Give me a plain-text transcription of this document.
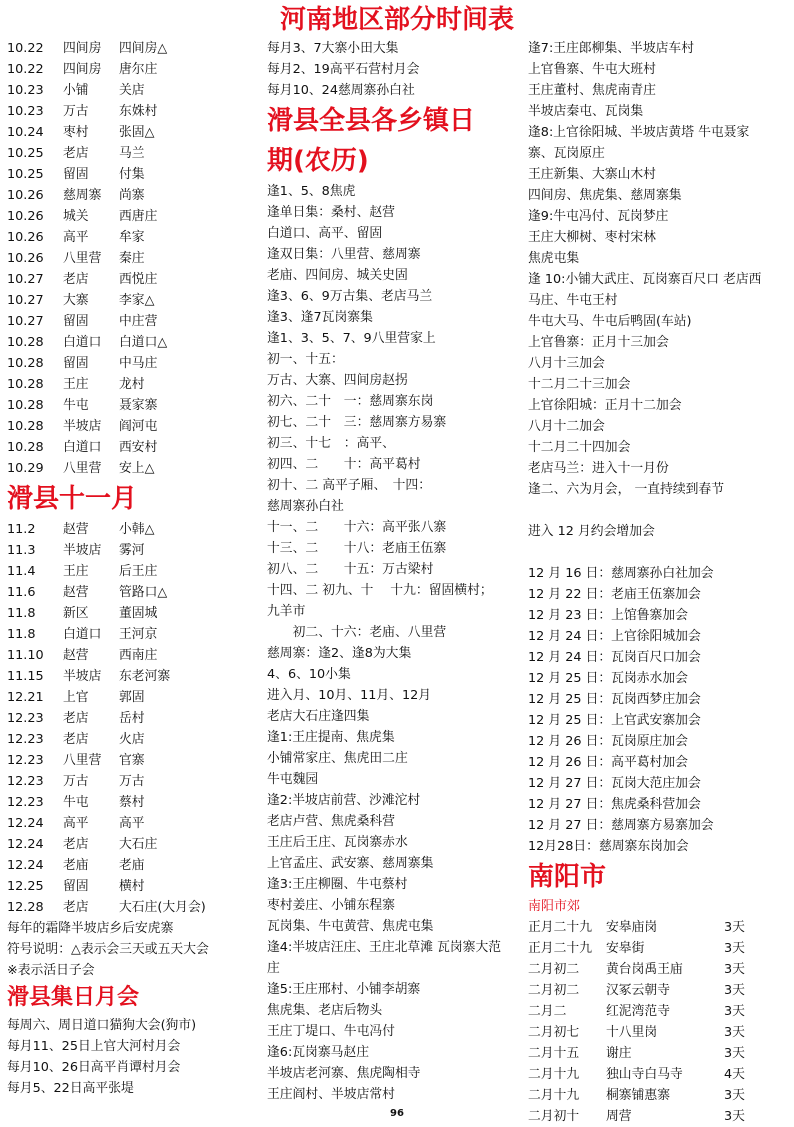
河南地区部分时间表
10.22 四间房 四间房△
10.22 四间房 唐尔庄
10.23 小铺 关店
10.23 万古 东姝村
10.24 枣村 张固△
10.25 老店 马兰
10.25 留固 付集
10.26 慈周寨 尚寨
10.26 城关 西唐庄
10.26 高平 牟家
10.26 八里营 秦庄
10.27 老店 西悦庄
10.27 大寨 李家△
10.27 留固 中庄营
10.28 白道口 白道口△
10.28 留固 中马庄
10.28 王庄 龙村
10.28 牛屯 聂家寨
10.28 半坡店 阎河屯
10.28 白道口 西安村
10.29 八里营 安上△
滑县十一月
11.2 赵营 小韩△
11.3 半坡店 雾河
11.4 王庄 后王庄
11.6 赵营 管路口△
11.8 新区 董固城
11.8 白道口 王河京
11.10 赵营 西南庄
11.15 半坡店 东老河寨
12.21 上官 郭固
12.23 老店 岳村
12.23 老店 火店
12.23 八里营 官寨
12.23 万古 万古
12.23 牛屯 蔡村
12.24 高平 高平
12.24 老店 大石庄
12.24 老庙 老庙
12.25 留固 横村
12.28 老店 大石庄(大月会)
每年的霜降半坡店乡后安虎寨
符号说明：△表示会三天或五天大会
※表示活日子会
滑县集日月会
每周六、周日道口猫狗大会(狗市)
每月11、25日上官大河村月会
每月10、26日高平肖谭村月会
每月5、22日高平张堤
每月3、7大寨小田大集
每月2、19高平石营村月会
每月10、24慈周寨孙白社
滑县全县各乡镇日
期(农历)
逢1、5、8焦虎
逢单日集：桑村、赵营
白道口、高平、留固
逢双日集：八里营、慈周寨
老庙、四间房、城关史固
逢3、6、9万古集、老店马兰
逢3、逢7瓦岗寨集
逢1、3、5、7、9八里营家上
初一、十五：
万古、大寨、四间房赵拐
初六、二十　一：慈周寨东岗
初七、二十　三：慈周寨方易寨
初三、十七　：高平、
初四、二　　十：高平葛村
初十、二 高平子厢、　十四：
慈周寨孙白社
十一、二　　十六：高平张八寨
十三、二　　十八：老庙王伍寨
初八、二　　十五：万古梁村
十四、二 初九、十　 十九：留固横村；
九羊市
　　初二、十六：老庙、八里营
慈周寨：逢2、逢8为大集
4、6、10小集
进入月、10月、11月、12月
老店大石庄逢四集
逢1:王庄提南、焦虎集
小铺常家庄、焦虎田二庄
牛屯魏园
逢2:半坡店前营、沙滩沱村
老店卢营、焦虎桑科营
王庄后王庄、瓦岗寨赤水
上官孟庄、武安寨、慈周寨集
逢3:王庄柳圈、牛屯蔡村
枣村姜庄、小铺东程寨
瓦岗集、牛屯黄营、焦虎屯集
逢4:半坡店汪庄、王庄北草滩 瓦岗寨大范
庄
逢5:王庄邢村、小铺李胡寨
焦虎集、老店后物头
王庄丁堤口、牛屯冯付
逢6:瓦岗寨马赵庄
半坡店老河寨、焦虎陶相寺
王庄阎村、半坡店常村
逢7:王庄郎柳集、半坡店车村
上官鲁寨、牛屯大班村
王庄董村、焦虎南青庄
半坡店秦屯、瓦岗集
逢8:上官徐阳城、半坡店黄塔 牛屯聂家
寨、瓦岗原庄
王庄新集、大寨山木村
四间房、焦虎集、慈周寨集
逢9:牛屯冯付、瓦岗梦庄
王庄大柳树、枣村宋林
焦虎屯集
逢 10:小铺大武庄、瓦岗寨百尺口 老店西
马庄、牛屯王村
牛屯大马、牛屯后鸭固(车站)
上官鲁寨：正月十三加会
八月十三加会
十二月二十三加会
上官徐阳城：正月十二加会
八月十二加会
十二月二十四加会
老店马兰：进入十一月份
逢二、六为月会， 一直持续到春节
进入 12 月约会增加会
12 月 16 日：慈周寨孙白社加会
12 月 22 日：老庙王伍寨加会
12 月 23 日：上馆鲁寨加会
12 月 24 日：上官徐阳城加会
12 月 24 日：瓦岗百尺口加会
12 月 25 日：瓦岗赤水加会
12 月 25 日：瓦岗西梦庄加会
12 月 25 日：上官武安寨加会
12 月 26 日：瓦岗原庄加会
12 月 26 日：高平葛村加会
12 月 27 日：瓦岗大范庄加会
12 月 27 日：焦虎桑科营加会
12 月 27 日：慈周寨方易寨加会
12月28日：慈周寨东岗加会
南阳市
南阳市郊
正月二十九 安皋庙岗	3天
正月二十九 安皋街	3天
二月初二 黄台岗禹王庙	3天
二月初二 汉冢云朝寺	3天
二月二	红泥湾范寺	3天
二月初七 十八里岗	3天
二月十五 谢庄	3天
二月十九 独山寺白马寺	4天
二月十九 桐寨铺惠寨	3天
二月初十 周营	3天
96
